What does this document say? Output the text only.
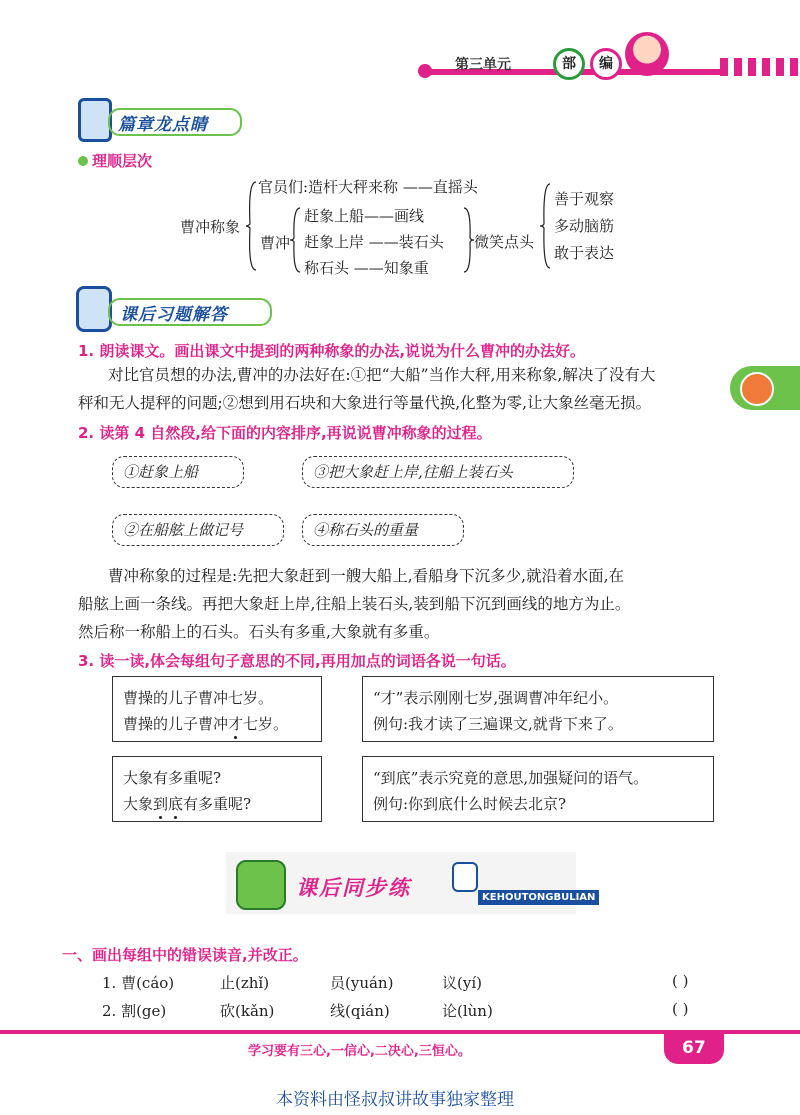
第三单元	部	编
篇章龙点睛
理顺层次
官员们:造杆大秤来称 ——直摇头
曹冲称象
曹冲
赶象上船——画线
赶象上岸 ——装石头
称石头 ——知象重
微笑点头
善于观察
多动脑筋
敢于表达
课后习题解答
1. 朗读课文。画出课文中提到的两种称象的办法,说说为什么曹冲的办法好。
对比官员想的办法,曹冲的办法好在:①把“大船”当作大秤,用来称象,解决了没有大
秤和无人提秤的问题;②想到用石块和大象进行等量代换,化整为零,让大象丝毫无损。
2. 读第 4 自然段,给下面的内容排序,再说说曹冲称象的过程。
①赶象上船	③把大象赶上岸,往船上装石头
②在船舷上做记号	④称石头的重量
曹冲称象的过程是:先把大象赶到一艘大船上,看船身下沉多少,就沿着水面,在
船舷上画一条线。再把大象赶上岸,往船上装石头,装到船下沉到画线的地方为止。
然后称一称船上的石头。石头有多重,大象就有多重。
3. 读一读,体会每组句子意思的不同,再用加点的词语各说一句话。
曹操的儿子曹冲七岁。
曹操的儿子曹冲才七岁。
“才”表示刚刚七岁,强调曹冲年纪小。
例句:我才读了三遍课文,就背下来了。
大象有多重呢?
大象到底有多重呢?
“到底”表示究竟的意思,加强疑问的语气。
例句:你到底什么时候去北京?
课后同步练	KEHOUTONGBULIAN
一、画出每组中的错误读音,并改正。
1. 曹(cáo)	止(zhǐ)	员(yuán)	议(yí)	( )
2. 割(ge)	砍(kǎn)	线(qián)	论(lùn)	( )
学习要有三心,一信心,二决心,三恒心。	67
本资料由怪叔叔讲故事独家整理
